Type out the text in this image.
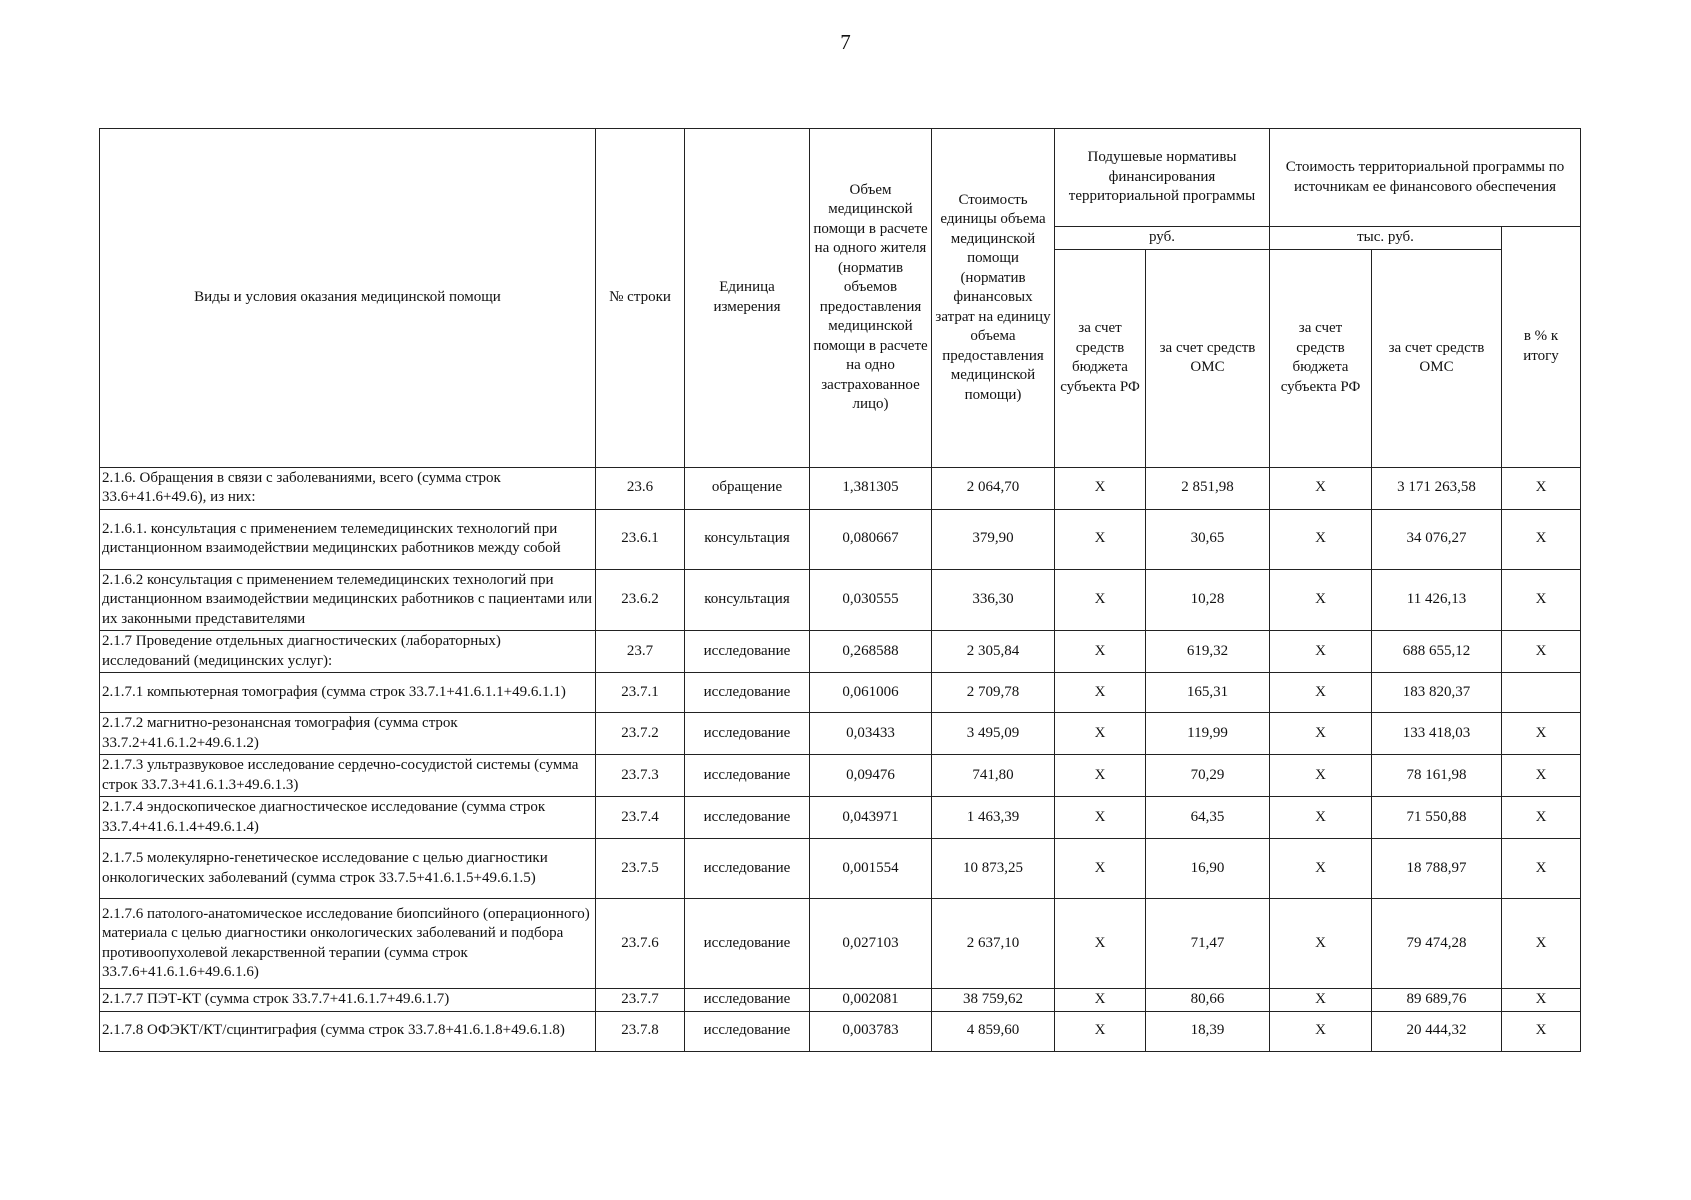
7
Виды и условия оказания медицинской помощи	№ строки	Единица измерения	Объем медицинской помощи в расчете на одного жителя (норматив объемов предоставления медицинской помощи в расчете на одно застрахованное лицо)	Стоимость единицы объема медицинской помощи (норматив финансовых затрат на единицу объема предоставления медицинской помощи)	Подушевые нормативы финансирования территориальной программы		Стоимость территориальной программы по источникам ее финансового обеспечения		
					руб.		тыс. руб.		в % к итогу
					за счет средств бюджета субъекта РФ	за счет средств ОМС	за счет средств бюджета субъекта РФ	за счет средств ОМС	
2.1.6. Обращения в связи с заболеваниями, всего (сумма строк 33.6+41.6+49.6), из них:	23.6	обращение	1,381305	2 064,70	Х	2 851,98	Х	3 171 263,58	Х
2.1.6.1. консультация с применением телемедицинских технологий при дистанционном взаимодействии медицинских работников между собой	23.6.1	консультация	0,080667	379,90	Х	30,65	Х	34 076,27	Х
2.1.6.2 консультация с применением телемедицинских технологий при дистанционном взаимодействии медицинских работников с пациентами или их законными представителями	23.6.2	консультация	0,030555	336,30	Х	10,28	Х	11 426,13	Х
2.1.7 Проведение отдельных диагностических (лабораторных) исследований (медицинских услуг):	23.7	исследование	0,268588	2 305,84	Х	619,32	Х	688 655,12	Х
2.1.7.1 компьютерная томография (сумма строк 33.7.1+41.6.1.1+49.6.1.1)	23.7.1	исследование	0,061006	2 709,78	Х	165,31	Х	183 820,37	
2.1.7.2 магнитно-резонансная томография (сумма строк 33.7.2+41.6.1.2+49.6.1.2)	23.7.2	исследование	0,03433	3 495,09	Х	119,99	Х	133 418,03	Х
2.1.7.3 ультразвуковое исследование сердечно-сосудистой системы (сумма строк 33.7.3+41.6.1.3+49.6.1.3)	23.7.3	исследование	0,09476	741,80	Х	70,29	Х	78 161,98	Х
2.1.7.4 эндоскопическое диагностическое исследование (сумма строк 33.7.4+41.6.1.4+49.6.1.4)	23.7.4	исследование	0,043971	1 463,39	Х	64,35	Х	71 550,88	Х
2.1.7.5 молекулярно-генетическое исследование с целью диагностики онкологических заболеваний (сумма строк 33.7.5+41.6.1.5+49.6.1.5)	23.7.5	исследование	0,001554	10 873,25	Х	16,90	Х	18 788,97	Х
2.1.7.6 патолого-анатомическое исследование биопсийного (операционного) материала с целью диагностики онкологических заболеваний и подбора противоопухолевой лекарственной терапии (сумма строк 33.7.6+41.6.1.6+49.6.1.6)	23.7.6	исследование	0,027103	2 637,10	Х	71,47	Х	79 474,28	Х
2.1.7.7 ПЭТ-КТ (сумма строк 33.7.7+41.6.1.7+49.6.1.7)	23.7.7	исследование	0,002081	38 759,62	Х	80,66	Х	89 689,76	Х
2.1.7.8 ОФЭКТ/КТ/сцинтиграфия (сумма строк 33.7.8+41.6.1.8+49.6.1.8)	23.7.8	исследование	0,003783	4 859,60	Х	18,39	Х	20 444,32	Х
